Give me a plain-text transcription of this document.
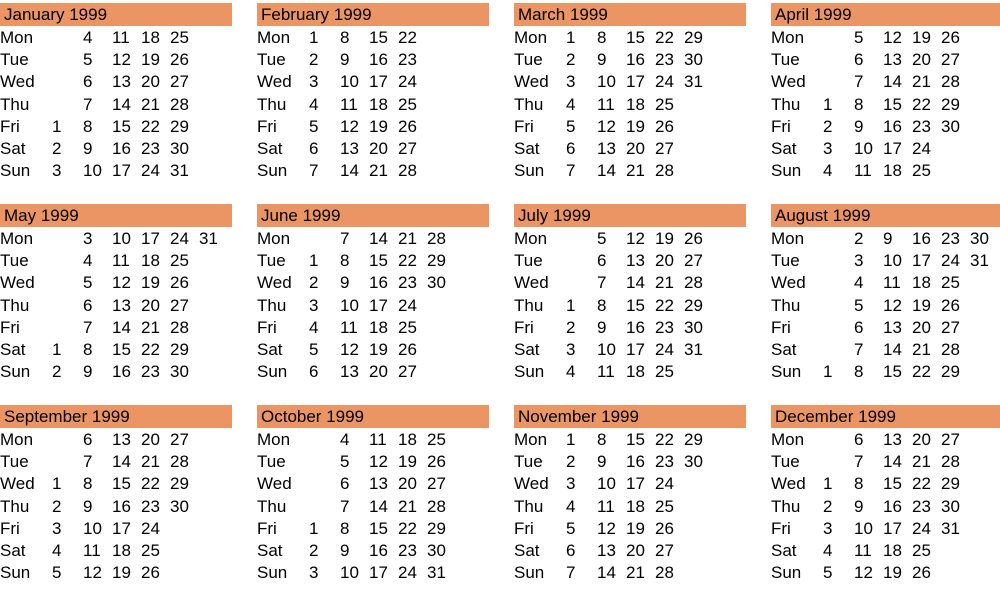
January 1999
Mon		4	11	18	25	
Tue		5	12	19	26	
Wed		6	13	20	27	
Thu		7	14	21	28	
Fri	1	8	15	22	29	
Sat	2	9	16	23	30	
Sun	3	10	17	24	31	
February 1999
Mon	1	8	15	22		
Tue	2	9	16	23		
Wed	3	10	17	24		
Thu	4	11	18	25		
Fri	5	12	19	26		
Sat	6	13	20	27		
Sun	7	14	21	28		
March 1999
Mon	1	8	15	22	29	
Tue	2	9	16	23	30	
Wed	3	10	17	24	31	
Thu	4	11	18	25		
Fri	5	12	19	26		
Sat	6	13	20	27		
Sun	7	14	21	28		
April 1999
Mon		5	12	19	26	
Tue		6	13	20	27	
Wed		7	14	21	28	
Thu	1	8	15	22	29	
Fri	2	9	16	23	30	
Sat	3	10	17	24		
Sun	4	11	18	25		
May 1999
Mon		3	10	17	24	31
Tue		4	11	18	25	
Wed		5	12	19	26	
Thu		6	13	20	27	
Fri		7	14	21	28	
Sat	1	8	15	22	29	
Sun	2	9	16	23	30	
June 1999
Mon		7	14	21	28	
Tue	1	8	15	22	29	
Wed	2	9	16	23	30	
Thu	3	10	17	24		
Fri	4	11	18	25		
Sat	5	12	19	26		
Sun	6	13	20	27		
July 1999
Mon		5	12	19	26	
Tue		6	13	20	27	
Wed		7	14	21	28	
Thu	1	8	15	22	29	
Fri	2	9	16	23	30	
Sat	3	10	17	24	31	
Sun	4	11	18	25		
August 1999
Mon		2	9	16	23	30
Tue		3	10	17	24	31
Wed		4	11	18	25	
Thu		5	12	19	26	
Fri		6	13	20	27	
Sat		7	14	21	28	
Sun	1	8	15	22	29	
September 1999
Mon		6	13	20	27	
Tue		7	14	21	28	
Wed	1	8	15	22	29	
Thu	2	9	16	23	30	
Fri	3	10	17	24		
Sat	4	11	18	25		
Sun	5	12	19	26		
October 1999
Mon		4	11	18	25	
Tue		5	12	19	26	
Wed		6	13	20	27	
Thu		7	14	21	28	
Fri	1	8	15	22	29	
Sat	2	9	16	23	30	
Sun	3	10	17	24	31	
November 1999
Mon	1	8	15	22	29	
Tue	2	9	16	23	30	
Wed	3	10	17	24		
Thu	4	11	18	25		
Fri	5	12	19	26		
Sat	6	13	20	27		
Sun	7	14	21	28		
December 1999
Mon		6	13	20	27	
Tue		7	14	21	28	
Wed	1	8	15	22	29	
Thu	2	9	16	23	30	
Fri	3	10	17	24	31	
Sat	4	11	18	25		
Sun	5	12	19	26		
